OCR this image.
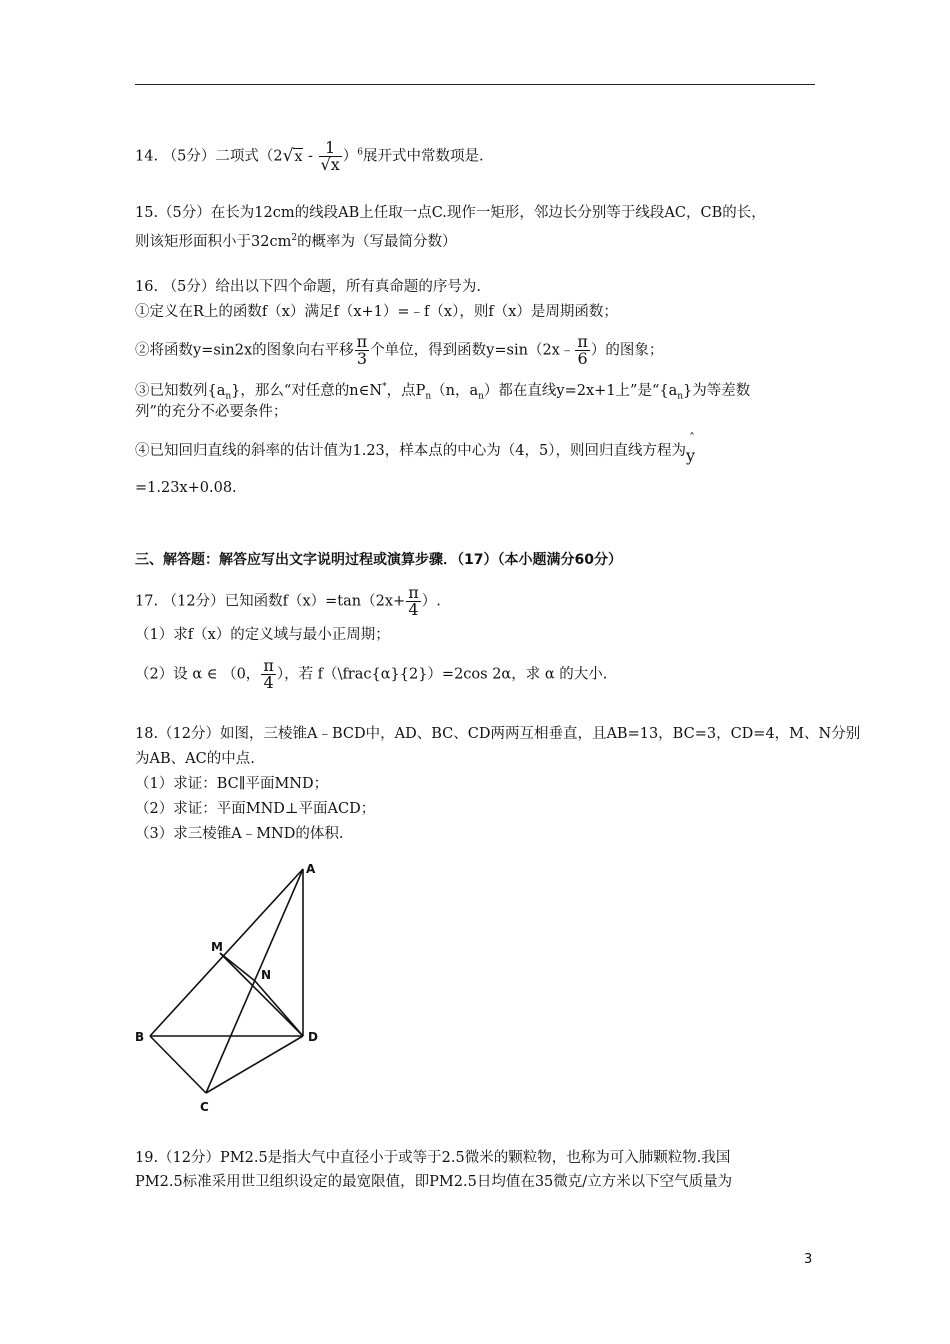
14. （5分）二项式$(2√x - \frac{1}{√x} )^6$展开式中常数项是.
15.（5分）在长为12cm的线段AB上任取一点C.现作一矩形，邻边长分别等于线段AC，CB的长，
则该矩形面积小于$32cm^2$的概率为（写最简分数）
16. （5分）给出以下四个命题，所有真命题的序号为.
①定义在R上的函数f（x）满足f（x+1）=﹣f（x），则f（x）是周期函数；
②将函数y=sin2x的图象向右平移 $\frac{\pi}{3}$ 个单位，得到函数y=sin（2x﹣ $\frac{\pi}{6}$ ）的图象；
③已知数列$\{a_n\}$，那么“对任意的n∈N*，点$P_n(n$，$a_n$）都在直线y=2x+1上”是“$\{a_n\}$为等差数
列”的充分不必要条件；
④已知回归直线的斜率的估计值为1.23，样本点的中心为（4，5），则回归直线方程为y
ˆ
=1.23x+0.08.
三、解答题：解答应写出文字说明过程或演算步骤．（17）（本小题满分60分）
17. （12分）已知函数$f(x)=\tan(2x+ \frac{\pi}{4}$ ）.
（1）求f（x）的定义域与最小正周期；
（2）设 α ∈ （0， $\frac{\pi}{4}$ ），若 f（\frac{α}{2}）=2cos 2α，求 α 的大小.
18.（12分）如图，三棱锥A﹣BCD中，AD、BC、CD两两互相垂直，且AB=13，BC=3，CD=4，M、N分别
为AB、AC的中点.
（1）求证：BC∥平面MND；
（2）求证：平面MND⊥平面ACD；
（3）求三棱锥A﹣MND的体积.
A
M
N
B
C
D
19.（12分）PM2.5是指大气中直径小于或等于2.5微米的颗粒物，也称为可入肺颗粒物.我国
PM2.5标准采用世卫组织设定的最宽限值，即PM2.5日均值在35微克/立方米以下空气质量为
3
